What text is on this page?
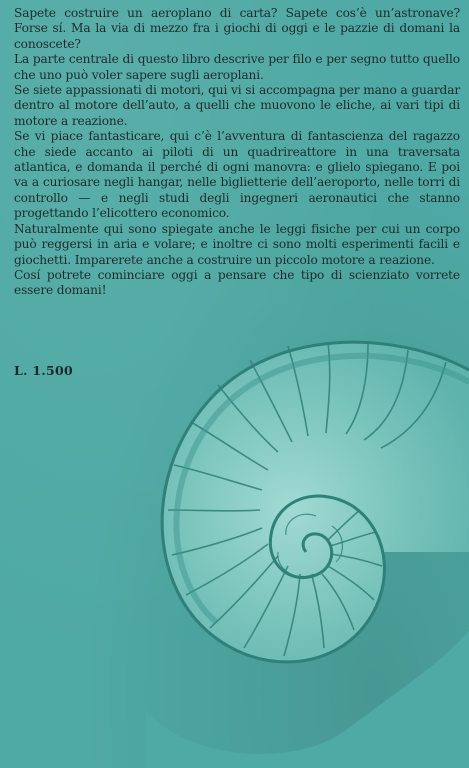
Sapete costruire un aeroplano di carta? Sapete cos’è un’astronave? Forse sí. Ma la via di mezzo fra i giochi di oggi e le pazzie di domani la conoscete?

La parte centrale di questo libro descrive per filo e per segno tutto quello che uno può voler sapere sugli aeroplani.

Se siete appassionati di motori, qui vi si accompagna per mano a guardar dentro al motore dell’auto, a quelli che muovono le eliche, ai vari tipi di motore a reazione.

Se vi piace fantasticare, qui c’è l’avventura di fantascienza del ragazzo che siede accanto ai piloti di un quadrireattore in una traversata atlantica, e domanda il perché di ogni manovra: e glielo spiegano. E poi va a curiosare negli hangar, nelle biglietterie dell’aeroporto, nelle torri di controllo — e negli studi degli ingegneri aeronautici che stanno progettando l’elicottero economico.

Naturalmente qui sono spiegate anche le leggi fisiche per cui un corpo può reggersi in aria e volare; e inoltre ci sono molti esperimenti facili e giochetti. Imparerete anche a costruire un piccolo motore a reazione.

Cosí potrete cominciare oggi a pensare che tipo di scienziato vorrete essere domani!

L. 1.500
